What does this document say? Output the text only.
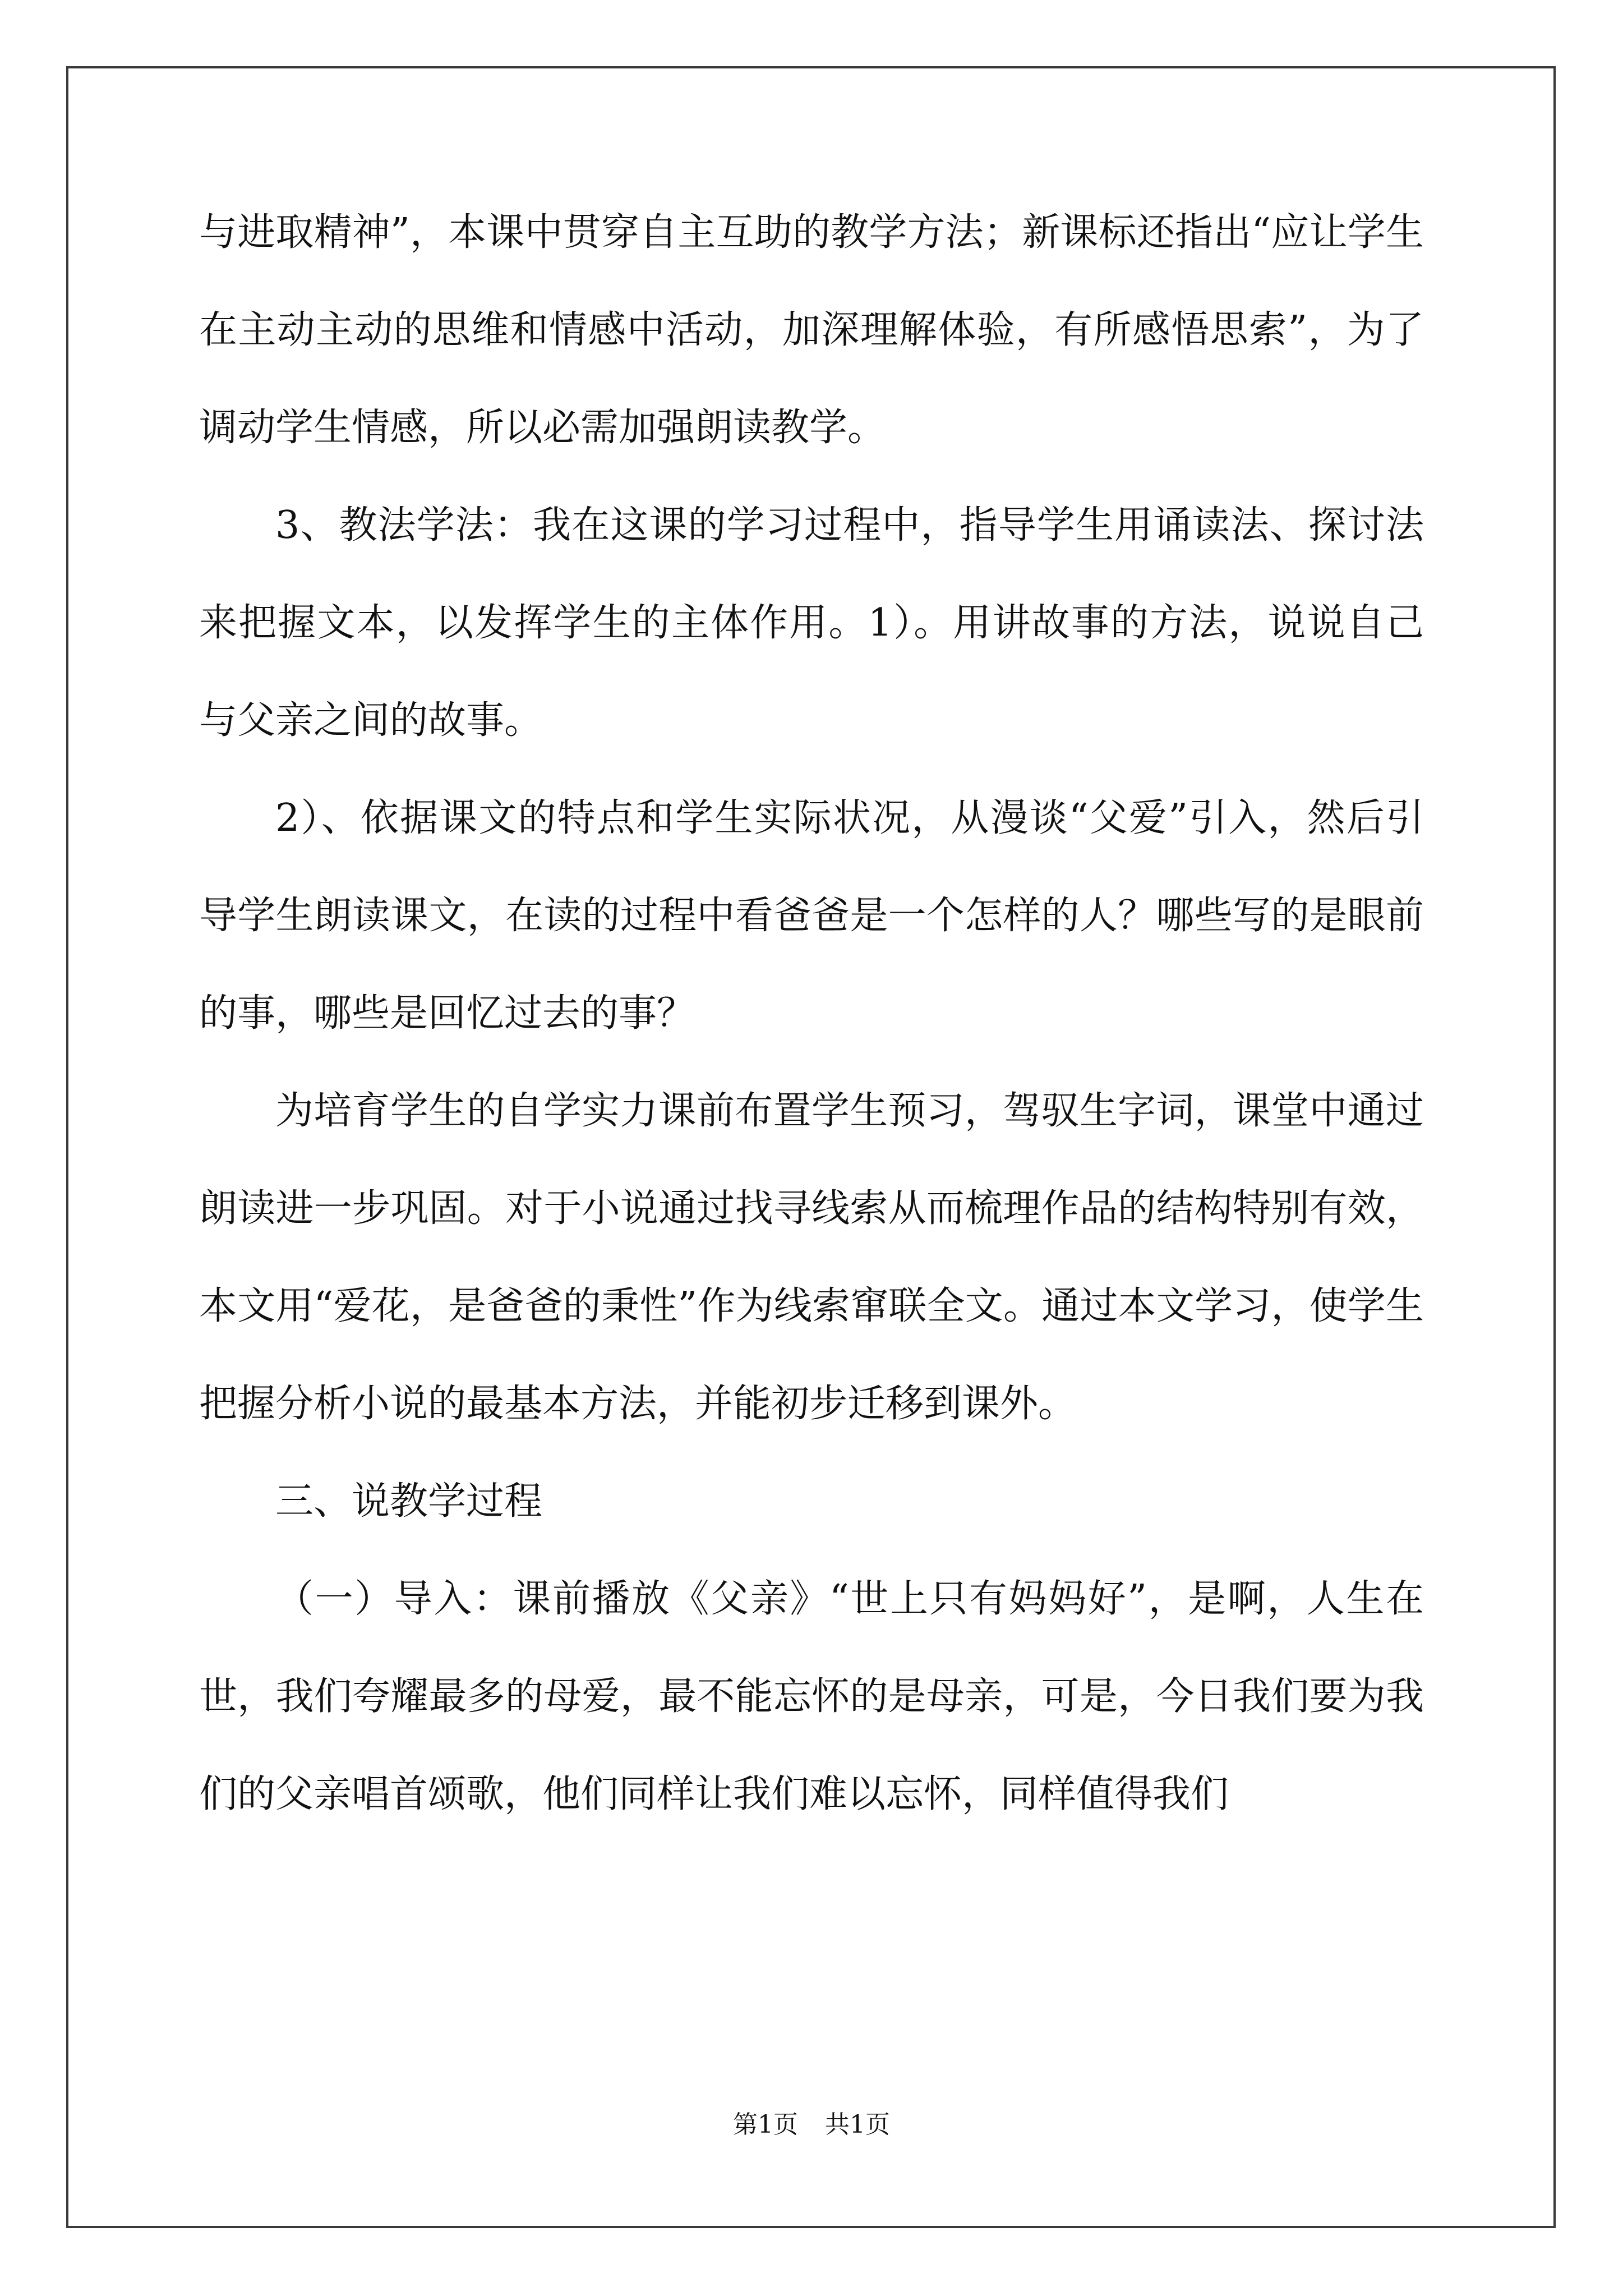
与进取精神”，本课中贯穿自主互助的教学方法；新课标还指出“应让学生在主动主动的思维和情感中活动，加深理解体验，有所感悟思索”，为了调动学生情感，所以必需加强朗读教学。

3、教法学法：我在这课的学习过程中，指导学生用诵读法、探讨法来把握文本，以发挥学生的主体作用。1）。用讲故事的方法，说说自己与父亲之间的故事。

2）、依据课文的特点和学生实际状况，从漫谈“父爱”引入，然后引导学生朗读课文，在读的过程中看爸爸是一个怎样的人？哪些写的是眼前的事，哪些是回忆过去的事？

为培育学生的自学实力课前布置学生预习，驾驭生字词，课堂中通过朗读进一步巩固。对于小说通过找寻线索从而梳理作品的结构特别有效，本文用“爱花，是爸爸的秉性”作为线索窜联全文。通过本文学习，使学生把握分析小说的最基本方法，并能初步迁移到课外。

三、说教学过程

（一）导入：课前播放《父亲》“世上只有妈妈好”，是啊，人生在世，我们夸耀最多的母爱，最不能忘怀的是母亲，可是，今日我们要为我们的父亲唱首颂歌，他们同样让我们难以忘怀，同样值得我们

第1页 共1页
